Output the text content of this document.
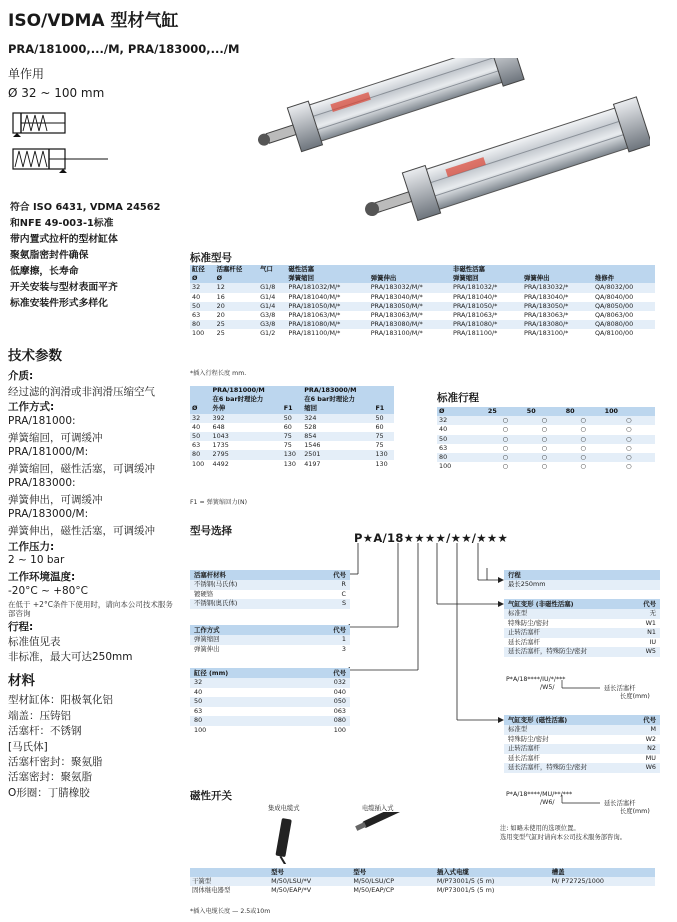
ISO/VDMA 型材气缸
PRA/181000,.../M, PRA/183000,.../M
单作用
Ø 32 ~ 100 mm
符合 ISO 6431, VDMA 24562
和NFE 49-003-1标准
带内置式拉杆的型材缸体
聚氨脂密封件确保
低摩擦，长寿命
开关安装与型材表面平齐
标准安装件形式多样化
技术参数
介质:
经过滤的润滑或非润滑压缩空气
工作方式:
PRA/181000:
弹簧缩回，可调缓冲
PRA/181000/M:
弹簧缩回，磁性活塞，可调缓冲
PRA/183000:
弹簧伸出，可调缓冲
PRA/183000/M:
弹簧伸出，磁性活塞，可调缓冲
工作压力:
2 ~ 10 bar
工作环境温度:
-20°C ~ +80°C
在低于 +2°C条件下使用时，请向本公司技术服务
部咨询
行程:
标准值见表
非标准，最大可达250mm
材料
型材缸体：阳极氧化铝
端盖：压铸铝
活塞杆：不锈钢
[马氏体]
活塞杆密封：聚氨脂
活塞密封：聚氨脂
O形圈：丁腈橡胶
标准型号
缸径	活塞杆径	气口	磁性活塞		非磁性活塞		
Ø	Ø		弹簧缩回	弹簧伸出	弹簧缩回	弹簧伸出	维修件
32	12	G1/8	PRA/181032/M/*	PRA/183032/M/*	PRA/181032/*	PRA/183032/*	QA/8032/00
40	16	G1/4	PRA/181040/M/*	PRA/183040/M/*	PRA/181040/*	PRA/183040/*	QA/8040/00
50	20	G1/4	PRA/181050/M/*	PRA/183050/M/*	PRA/181050/*	PRA/183050/*	QA/8050/00
63	20	G3/8	PRA/181063/M/*	PRA/183063/M/*	PRA/181063/*	PRA/183063/*	QA/8063/00
80	25	G3/8	PRA/181080/M/*	PRA/183080/M/*	PRA/181080/*	PRA/183080/*	QA/8080/00
100	25	G1/2	PRA/181100/M/*	PRA/183100/M/*	PRA/181100/*	PRA/183100/*	QA/8100/00
*插入行程长度 mm.
	PRA/181000/M		PRA/183000/M	
	在6 bar时理论力		在6 bar时理论力	
Ø	外伸	F1	缩回	F1
32	392	50	324	50
40	648	60	528	60
50	1043	75	854	75
63	1735	75	1546	75
80	2795	130	2501	130
100	4492	130	4197	130
F1 = 弹簧缩回力(N)
标准行程
Ø	25	50	80	100
32	○	○	○	○
40	○	○	○	○
50	○	○	○	○
63	○	○	○	○
80	○	○	○	○
100	○	○	○	○
型号选择	P★A/18★★★★/★★/★★★
活塞杆材料	代号
不锈钢(马氏体)	R
镀硬铬	C
不锈钢(奥氏体)	S
工作方式	代号
弹簧缩回	1
弹簧伸出	3
缸径 (mm)	代号
32	032
40	040
50	050
63	063
80	080
100	100
行程
最长250mm
气缸变形 (非磁性活塞)	代号
标准型	无
特殊防尘/密封	W1
止转活塞杆	N1
延长活塞杆	IU
延长活塞杆，特殊防尘/密封	W5
P*A/18****/IU/*/***
/W5/	延长活塞杆
长度(mm)
气缸变形 (磁性活塞)	代号
标准型	M
特殊防尘/密封	W2
止转活塞杆	N2
延长活塞杆	MU
延长活塞杆，特殊防尘/密封	W6
P*A/18****/MU/**/***
/W6/	延长活塞杆
长度(mm)
注: 如略未使用的选项位置。
选用变型气缸时请向本公司技术服务部咨询。
磁性开关
集成电缆式	电缆插入式
	型号	型号	插入式电缆	槽盖
干簧型	M/50/LSU/*V	M/50/LSU/CP	M/P73001/5 (5 m)	M/ P72725/1000
固体继电器型	M/50/EAP/*V	M/50/EAP/CP	M/P73001/5 (5 m)	
*插入电缆长度 — 2.5或10m
